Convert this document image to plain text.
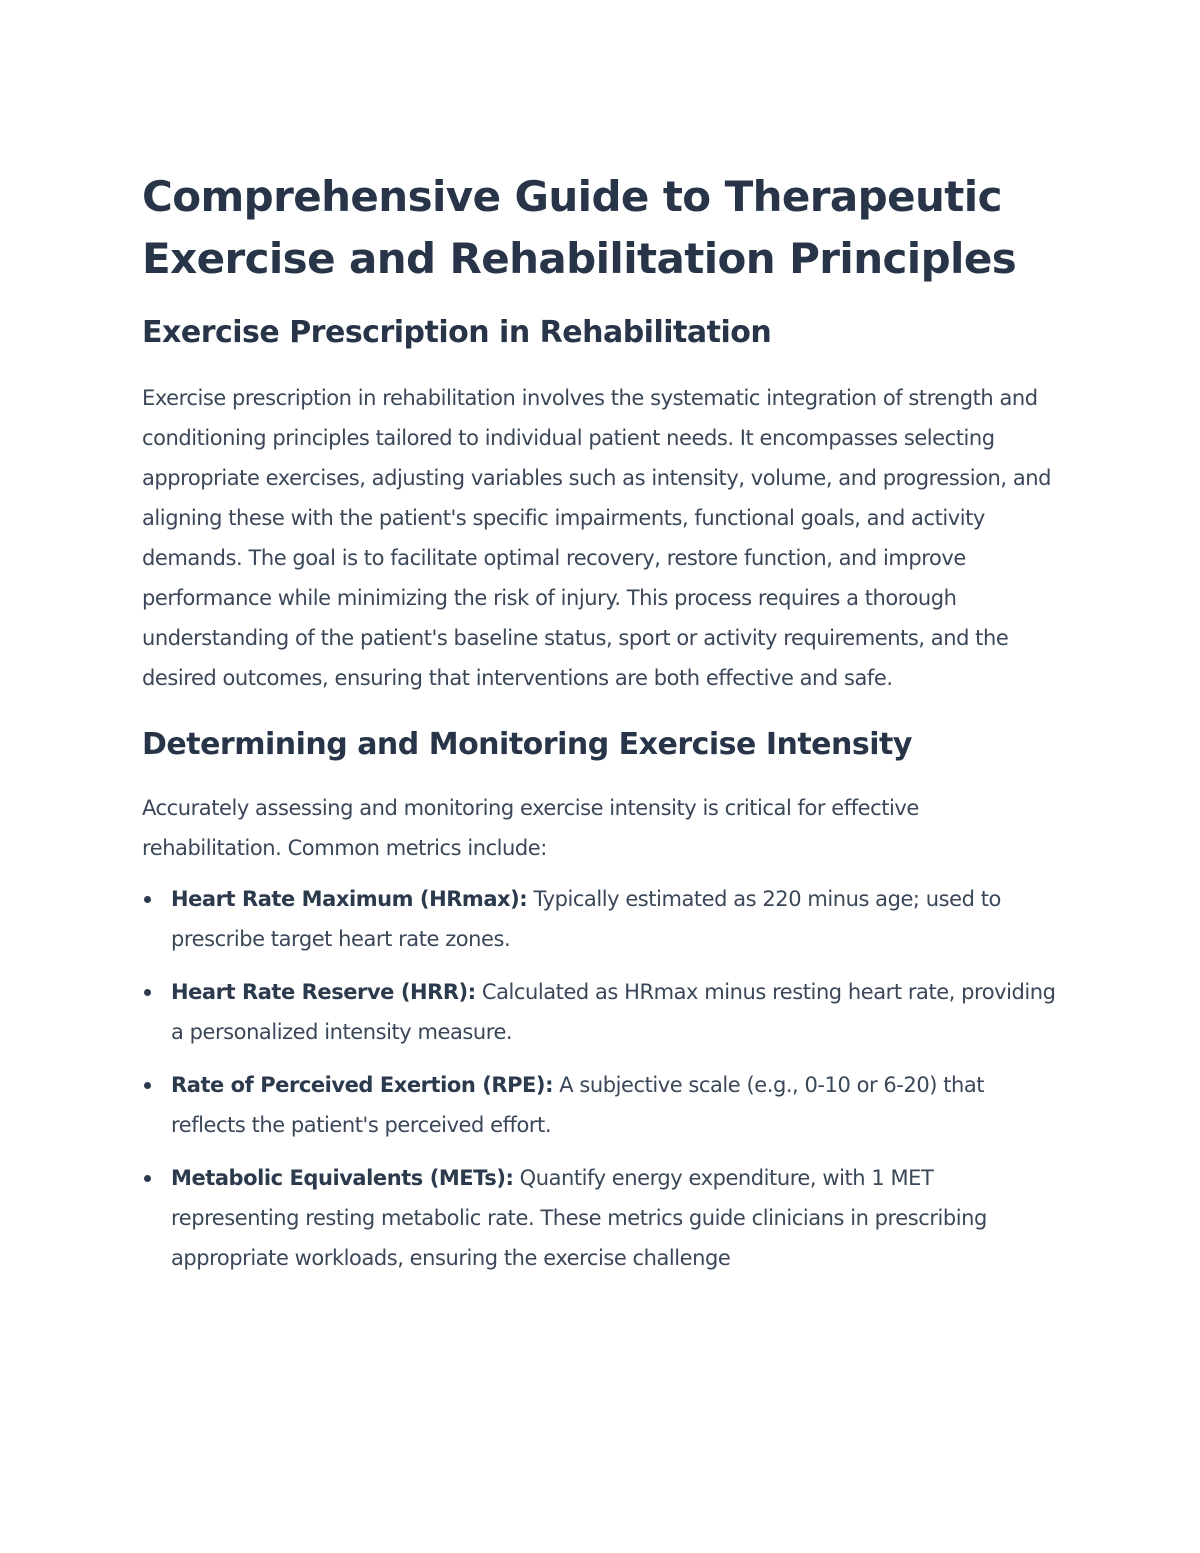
Comprehensive Guide to Therapeutic Exercise and Rehabilitation Principles
Exercise Prescription in Rehabilitation

Exercise prescription in rehabilitation involves the systematic integration of strength and conditioning principles tailored to individual patient needs. It encompasses selecting appropriate exercises, adjusting variables such as intensity, volume, and progression, and aligning these with the patient's specific impairments, functional goals, and activity demands. The goal is to facilitate optimal recovery, restore function, and improve performance while minimizing the risk of injury. This process requires a thorough understanding of the patient's baseline status, sport or activity requirements, and the desired outcomes, ensuring that interventions are both effective and safe.

Determining and Monitoring Exercise Intensity

Accurately assessing and monitoring exercise intensity is critical for effective rehabilitation. Common metrics include:

Heart Rate Maximum (HRmax): Typically estimated as 220 minus age; used to prescribe target heart rate zones.
Heart Rate Reserve (HRR): Calculated as HRmax minus resting heart rate, providing a personalized intensity measure.
Rate of Perceived Exertion (RPE): A subjective scale (e.g., 0-10 or 6-20) that reflects the patient's perceived effort.
Metabolic Equivalents (METs): Quantify energy expenditure, with 1 MET representing resting metabolic rate. These metrics guide clinicians in prescribing appropriate workloads, ensuring the exercise challenge
